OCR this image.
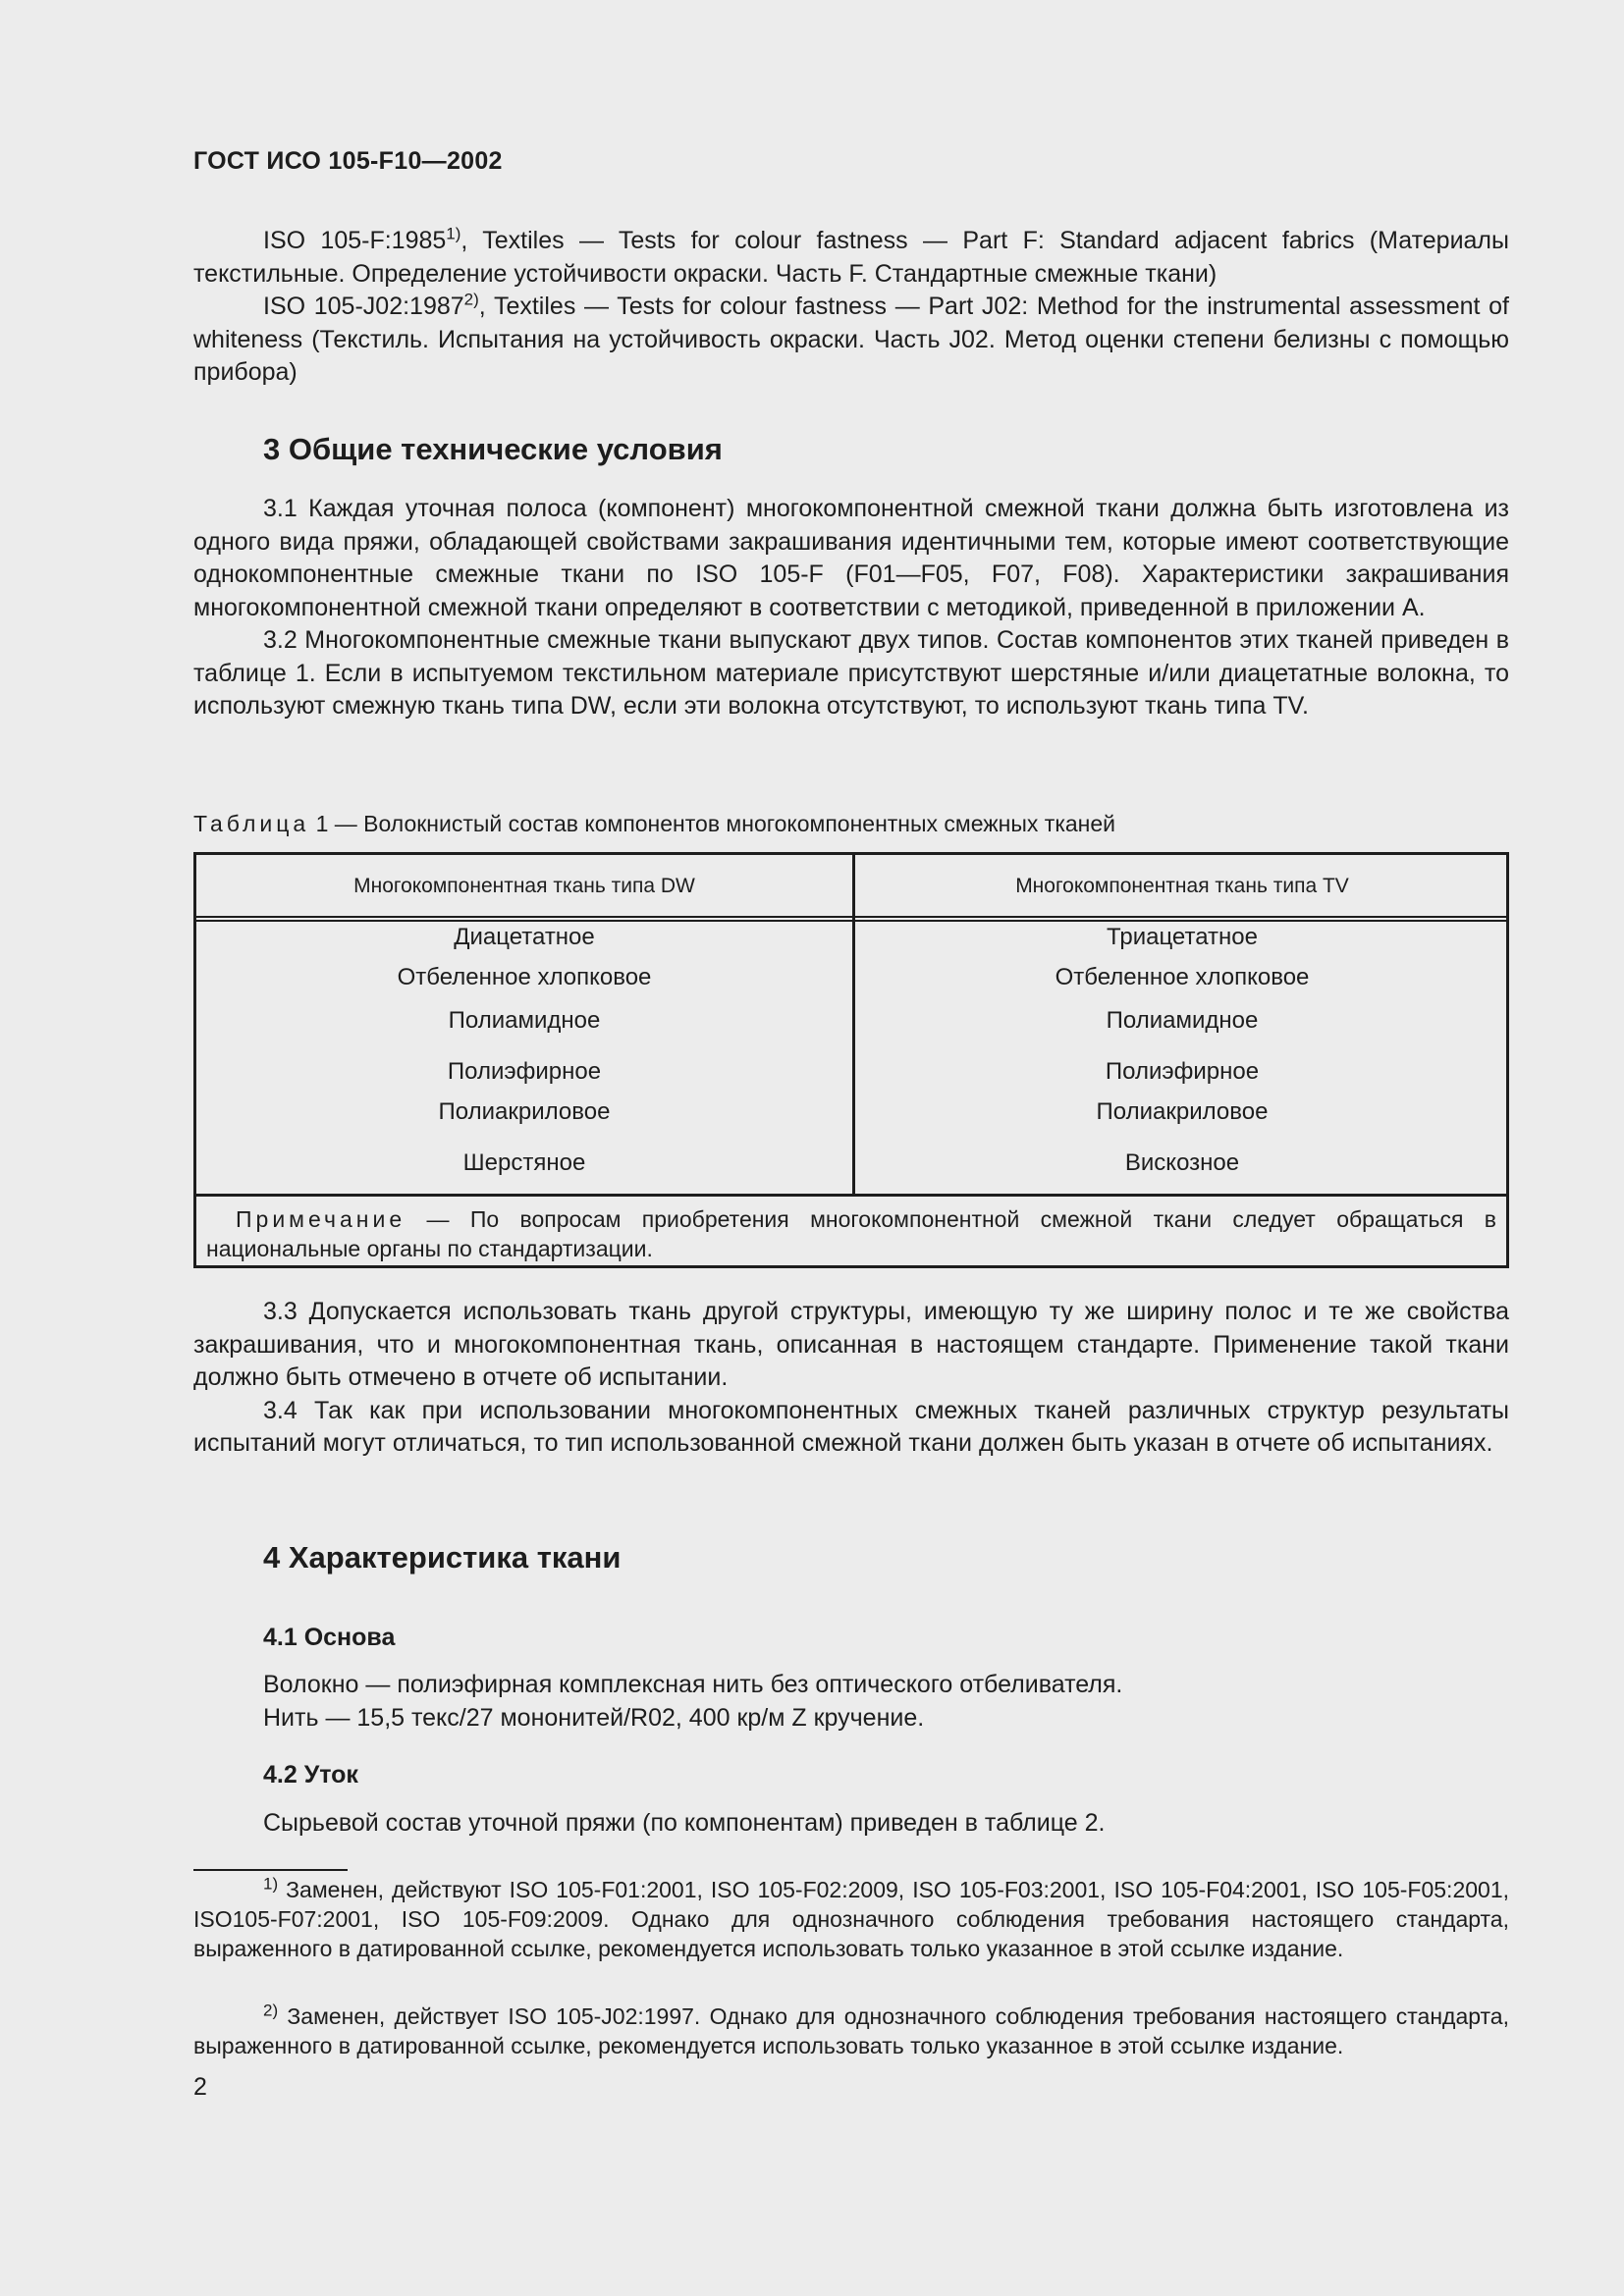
ГОСТ ИСО 105-F10—2002

ISO 105-F:1985$^{1)}$, Textiles — Tests for colour fastness — Part F: Standard adjacent fabrics (Материалы текстильные. Определение устойчивости окраски. Часть F. Стандартные смежные ткани)

ISO 105-J02:1987$^{2)}$, Textiles — Tests for colour fastness — Part J02: Method for the instrumental assessment of whiteness (Текстиль. Испытания на устойчивость окраски. Часть J02. Метод оценки степени белизны с помощью прибора)

3 Общие технические условия

3.1 Каждая уточная полоса (компонент) многокомпонентной смежной ткани должна быть изготовлена из одного вида пряжи, обладающей свойствами закрашивания идентичными тем, которые имеют соответствующие однокомпонентные смежные ткани по ISO 105-F (F01—F05, F07, F08). Характеристики закрашивания многокомпонентной смежной ткани определяют в соответствии с методикой, приведенной в приложении А.

3.2 Многокомпонентные смежные ткани выпускают двух типов. Состав компонентов этих тканей приведен в таблице 1. Если в испытуемом текстильном материале присутствуют шерстяные и/или диацетатные волокна, то используют смежную ткань типа DW, если эти волокна отсутствуют, то используют ткань типа TV.

Таблица 1 — Волокнистый состав компонентов многокомпонентных смежных тканей
Многокомпонентная ткань типа DW	Многокомпонентная ткань типа TV
Диацетатное
Отбеленное хлопковое
Полиамидное
Полиэфирное
Полиакриловое
Шерстяное
Триацетатное
Отбеленное хлопковое
Полиамидное
Полиэфирное
Полиакриловое
Вискозное

Примечание — По вопросам приобретения многокомпонентной смежной ткани следует обращаться в национальные органы по стандартизации.

3.3 Допускается использовать ткань другой структуры, имеющую ту же ширину полос и те же свойства закрашивания, что и многокомпонентная ткань, описанная в настоящем стандарте. Применение такой ткани должно быть отмечено в отчете об испытании.

3.4 Так как при использовании многокомпонентных смежных тканей различных структур результаты испытаний могут отличаться, то тип использованной смежной ткани должен быть указан в отчете об испытаниях.

4 Характеристика ткани
4.1 Основа

Волокно — полиэфирная комплексная нить без оптического отбеливателя.

Нить — 15,5 текс/27 мононитей/R02, 400 кр/м Z кручение.

4.2 Уток

Сырьевой состав уточной пряжи (по компонентам) приведен в таблице 2.

$^{1)}$ Заменен, действуют ISO 105-F01:2001, ISO 105-F02:2009, ISO 105-F03:2001, ISO 105-F04:2001, ISO 105-F05:2001, ISO105-F07:2001, ISO 105-F09:2009. Однако для однозначного соблюдения требования настоящего стандарта, выраженного в датированной ссылке, рекомендуется использовать только указанное в этой ссылке издание.

$^{2)}$ Заменен, действует ISO 105-J02:1997. Однако для однозначного соблюдения требования настоящего стандарта, выраженного в датированной ссылке, рекомендуется использовать только указанное в этой ссылке издание.

2
